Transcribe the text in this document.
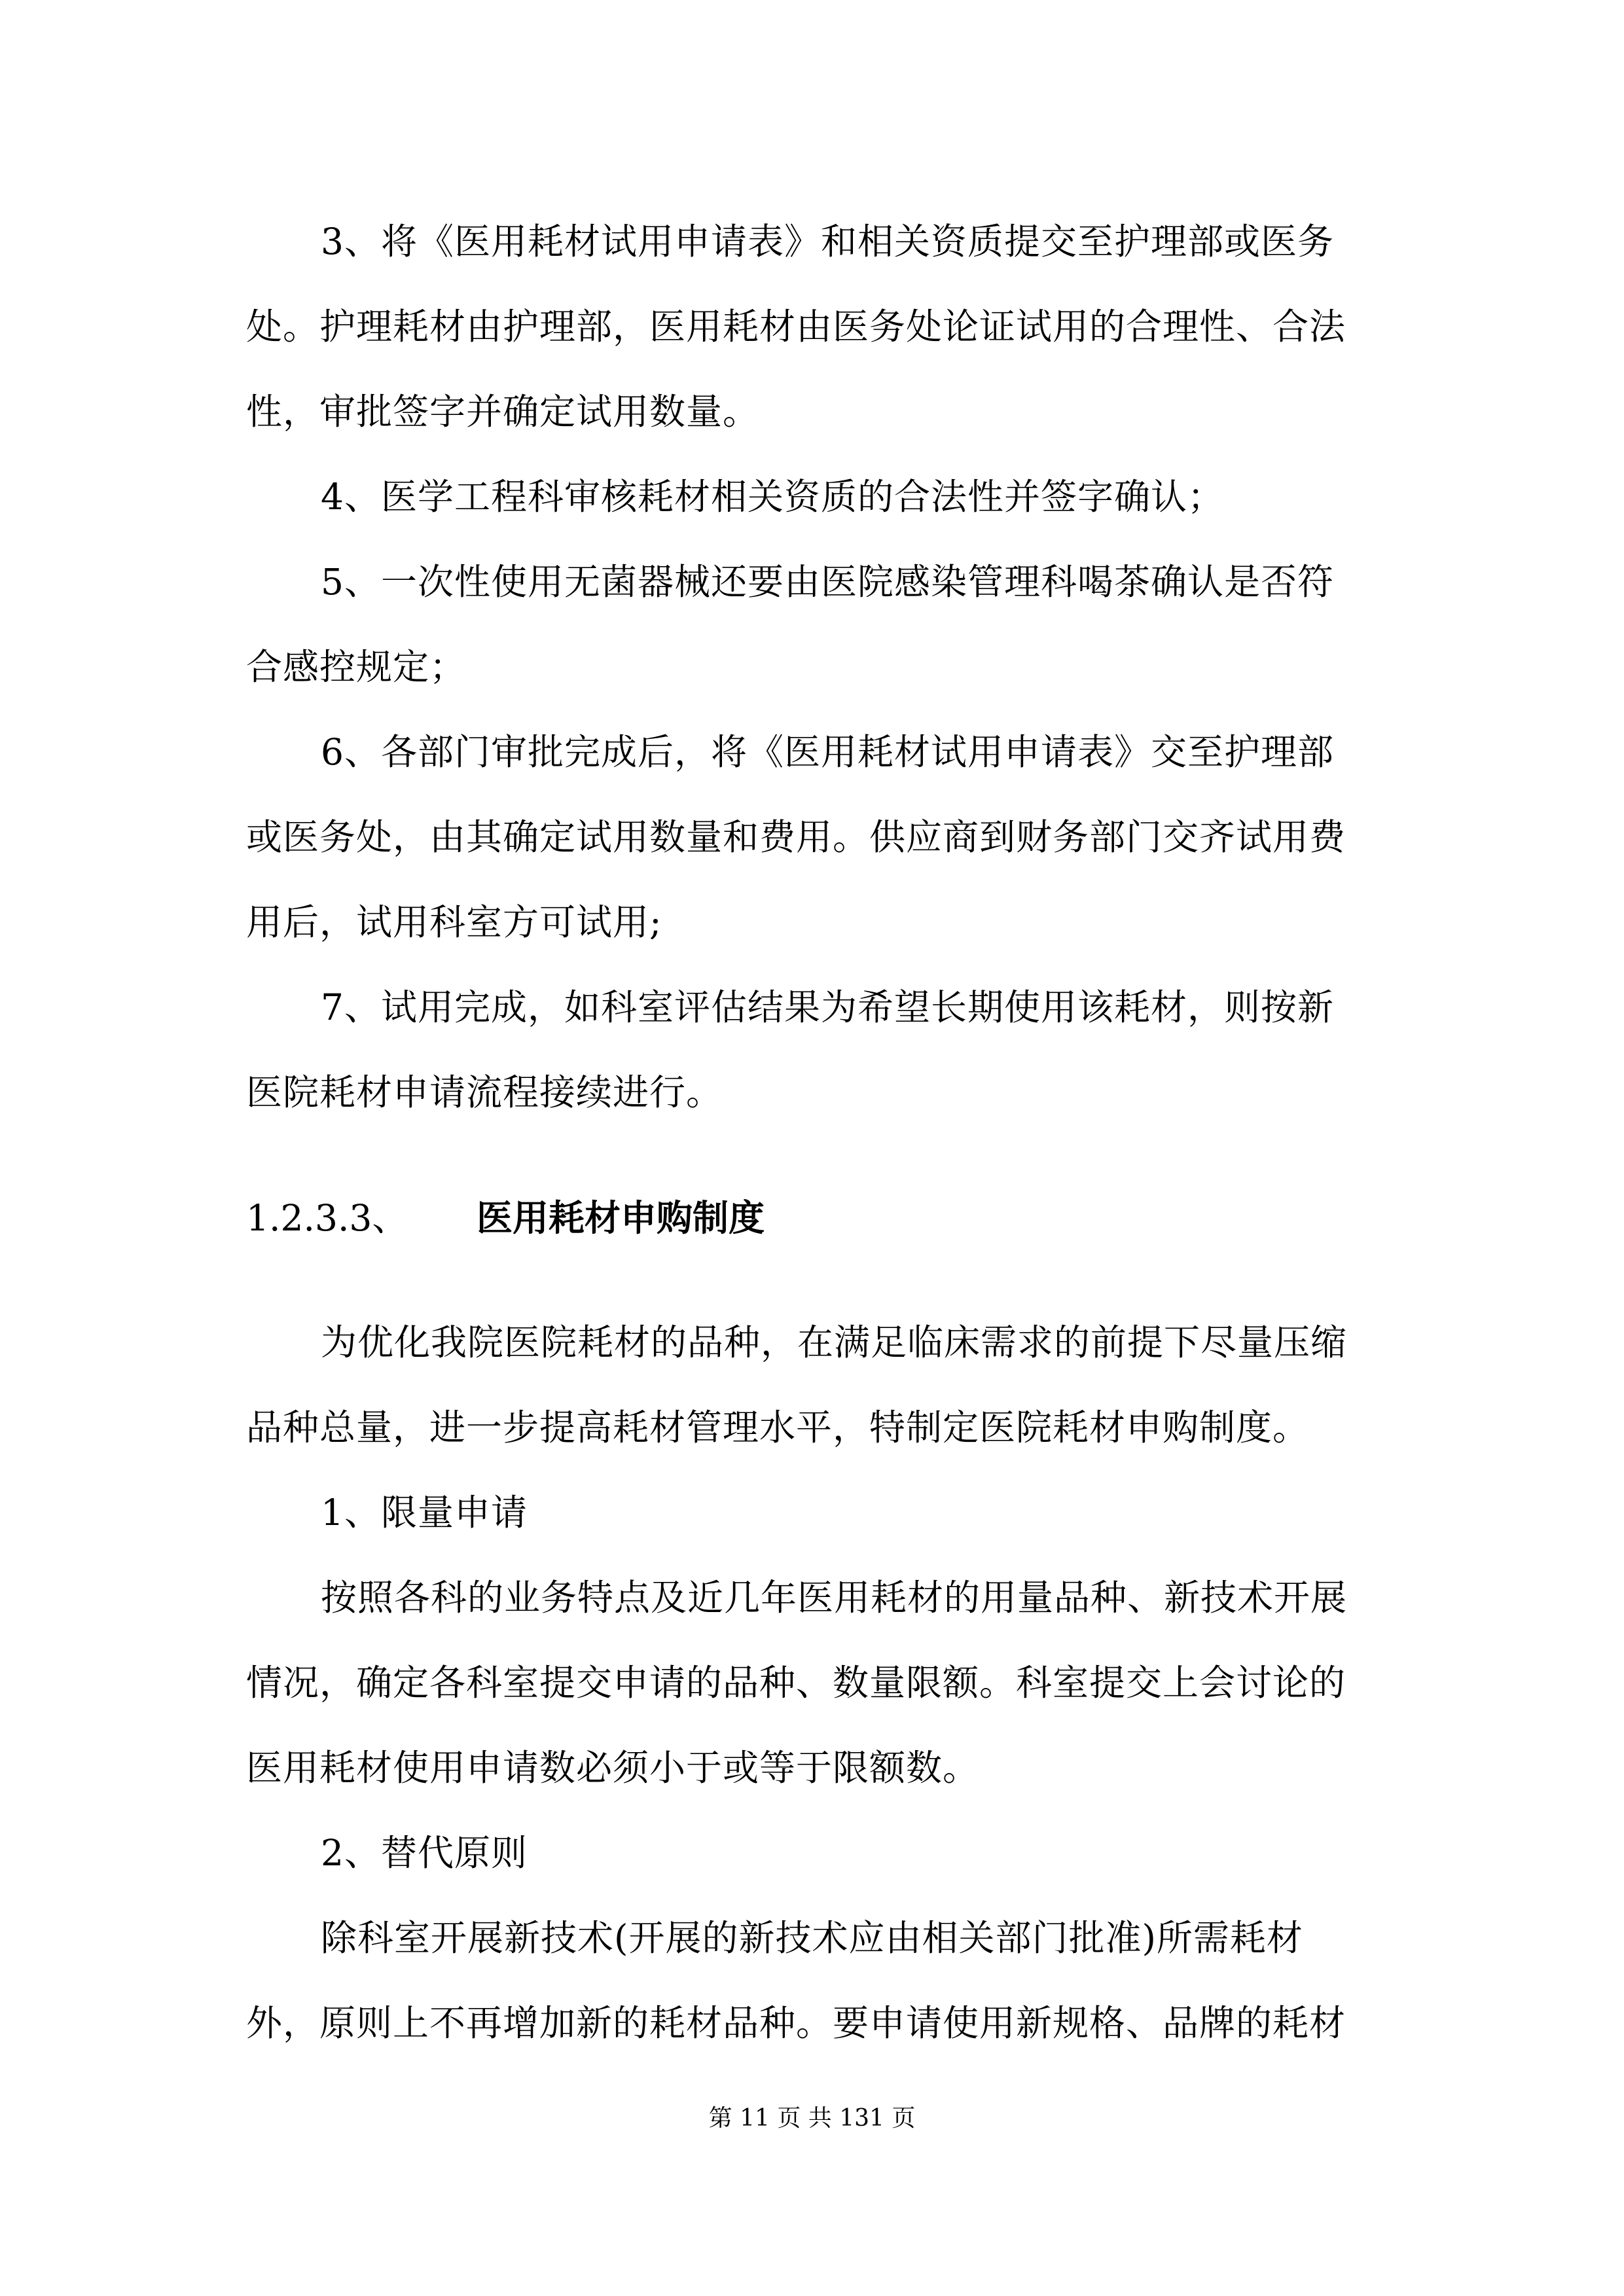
3、将《医用耗材试用申请表》和相关资质提交至护理部或医务
处。护理耗材由护理部，医用耗材由医务处论证试用的合理性、合法
性，审批签字并确定试用数量。
4、医学工程科审核耗材相关资质的合法性并签字确认；
5、一次性使用无菌器械还要由医院感染管理科喝茶确认是否符
合感控规定；
6、各部门审批完成后，将《医用耗材试用申请表》交至护理部
或医务处，由其确定试用数量和费用。供应商到财务部门交齐试用费
用后，试用科室方可试用;
7、试用完成，如科室评估结果为希望长期使用该耗材，则按新
医院耗材申请流程接续进行。
1.2.3.3、 医用耗材申购制度
为优化我院医院耗材的品种，在满足临床需求的前提下尽量压缩
品种总量，进一步提高耗材管理水平，特制定医院耗材申购制度。
1、限量申请
按照各科的业务特点及近几年医用耗材的用量品种、新技术开展
情况，确定各科室提交申请的品种、数量限额。科室提交上会讨论的
医用耗材使用申请数必须小于或等于限额数。
2、替代原则
除科室开展新技术(开展的新技术应由相关部门批准)所需耗材
外，原则上不再增加新的耗材品种。要申请使用新规格、品牌的耗材
第 11 页 共 131 页
